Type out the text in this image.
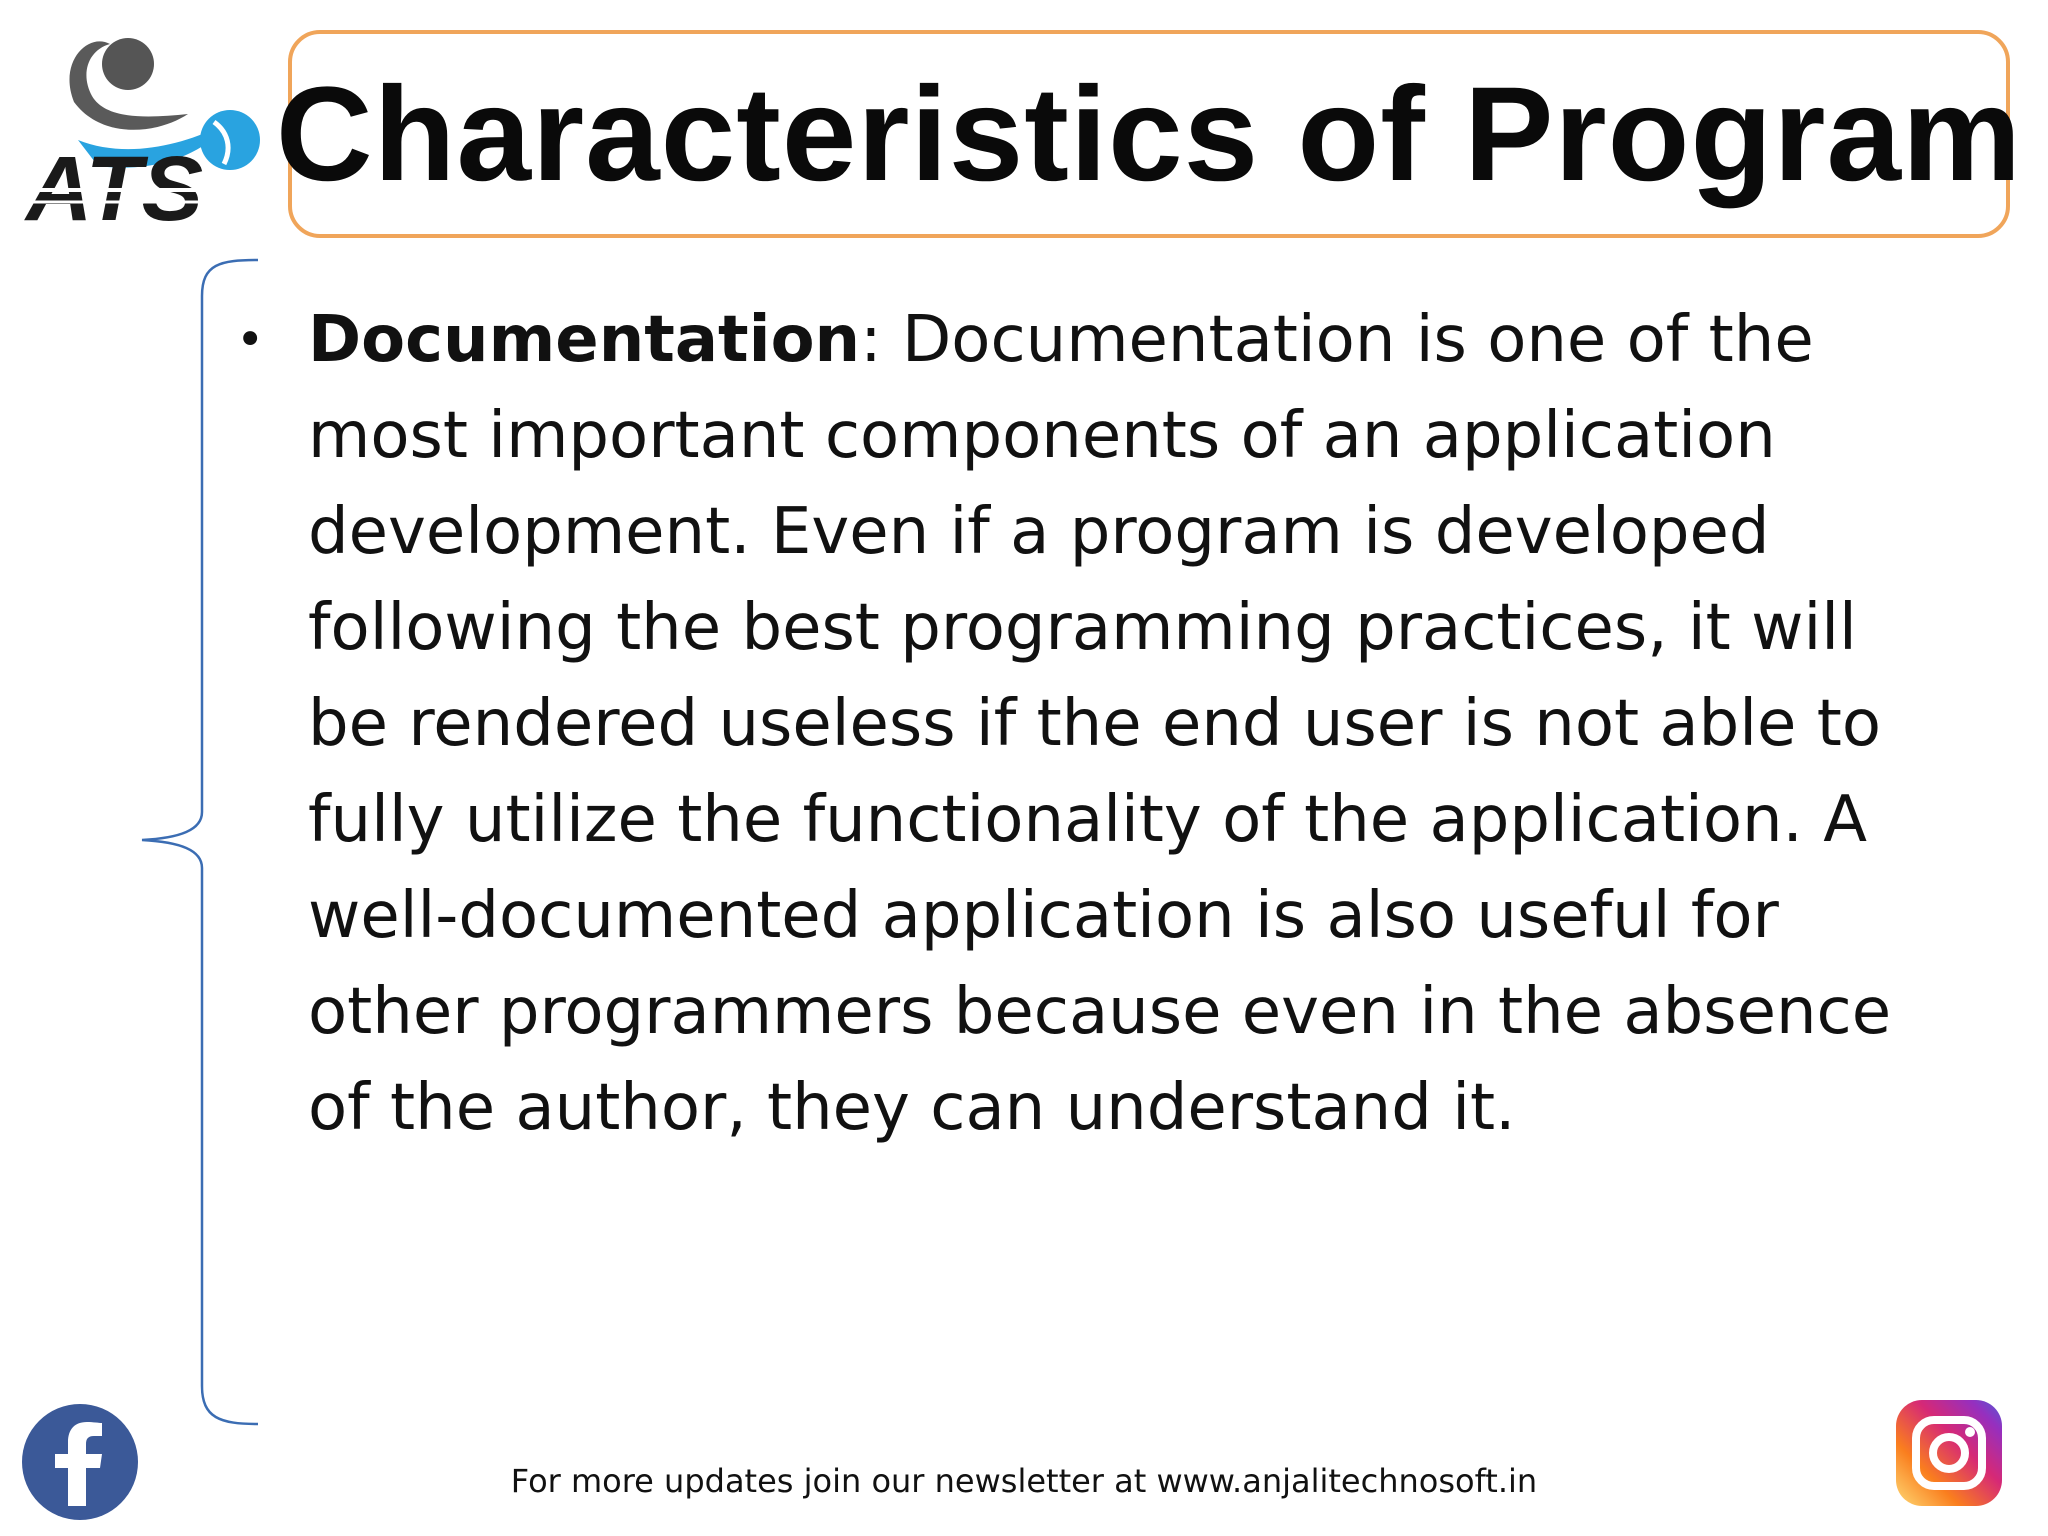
ATS Characteristics of Program
• Documentation: Documentation is one of the most important components of an application development. Even if a program is developed following the best programming practices, it will be rendered useless if the end user is not able to fully utilize the functionality of the application. A well-documented application is also useful for other programmers because even in the absence of the author, they can understand it.
For more updates join our newsletter at www.anjalitechnosoft.in
